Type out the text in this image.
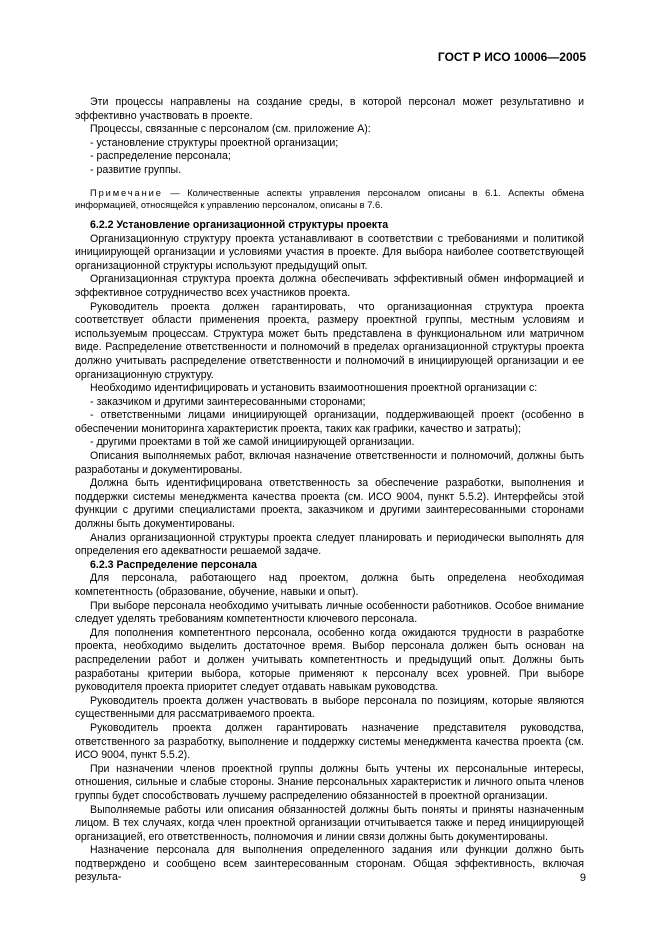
ГОСТ Р ИСО 10006—2005

Эти процессы направлены на создание среды, в которой персонал может результативно и эффективно участвовать в проекте.

Процессы, связанные с персоналом (см. приложение А):

- установление структуры проектной организации;

- распределение персонала;

- развитие группы.

Примечание — Количественные аспекты управления персоналом описаны в 6.1. Аспекты обмена информацией, относящейся к управлению персоналом, описаны в 7.6.

6.2.2 Установление организационной структуры проекта

Организационную структуру проекта устанавливают в соответствии с требованиями и политикой инициирующей организации и условиями участия в проекте. Для выбора наиболее соответствующей организационной структуры используют предыдущий опыт.

Организационная структура проекта должна обеспечивать эффективный обмен информацией и эффективное сотрудничество всех участников проекта.

Руководитель проекта должен гарантировать, что организационная структура проекта соответствует области применения проекта, размеру проектной группы, местным условиям и используемым процессам. Структура может быть представлена в функциональном или матричном виде. Распределение ответственности и полномочий в пределах организационной структуры проекта должно учитывать распределение ответственности и полномочий в инициирующей организации и ее организационную структуру.

Необходимо идентифицировать и установить взаимоотношения проектной организации с:

- заказчиком и другими заинтересованными сторонами;

- ответственными лицами инициирующей организации, поддерживающей проект (особенно в обеспечении мониторинга характеристик проекта, таких как графики, качество и затраты);

- другими проектами в той же самой инициирующей организации.

Описания выполняемых работ, включая назначение ответственности и полномочий, должны быть разработаны и документированы.

Должна быть идентифицирована ответственность за обеспечение разработки, выполнения и поддержки системы менеджмента качества проекта (см. ИСО 9004, пункт 5.5.2). Интерфейсы этой функции с другими специалистами проекта, заказчиком и другими заинтересованными сторонами должны быть документированы.

Анализ организационной структуры проекта следует планировать и периодически выполнять для определения его адекватности решаемой задаче.

6.2.3 Распределение персонала

Для персонала, работающего над проектом, должна быть определена необходимая компетентность (образование, обучение, навыки и опыт).

При выборе персонала необходимо учитывать личные особенности работников. Особое внимание следует уделять требованиям компетентности ключевого персонала.

Для пополнения компетентного персонала, особенно когда ожидаются трудности в разработке проекта, необходимо выделить достаточное время. Выбор персонала должен быть основан на распределении работ и должен учитывать компетентность и предыдущий опыт. Должны быть разработаны критерии выбора, которые применяют к персоналу всех уровней. При выборе руководителя проекта приоритет следует отдавать навыкам руководства.

Руководитель проекта должен участвовать в выборе персонала по позициям, которые являются существенными для рассматриваемого проекта.

Руководитель проекта должен гарантировать назначение представителя руководства, ответственного за разработку, выполнение и поддержку системы менеджмента качества проекта (см. ИСО 9004, пункт 5.5.2).

При назначении членов проектной группы должны быть учтены их персональные интересы, отношения, сильные и слабые стороны. Знание персональных характеристик и личного опыта членов группы будет способствовать лучшему распределению обязанностей в проектной организации.

Выполняемые работы или описания обязанностей должны быть поняты и приняты назначенным лицом. В тех случаях, когда член проектной организации отчитывается также и перед инициирующей организацией, его ответственность, полномочия и линии связи должны быть документированы.

Назначение персонала для выполнения определенного задания или функции должно быть подтверждено и сообщено всем заинтересованным сторонам. Общая эффективность, включая результа-	9
